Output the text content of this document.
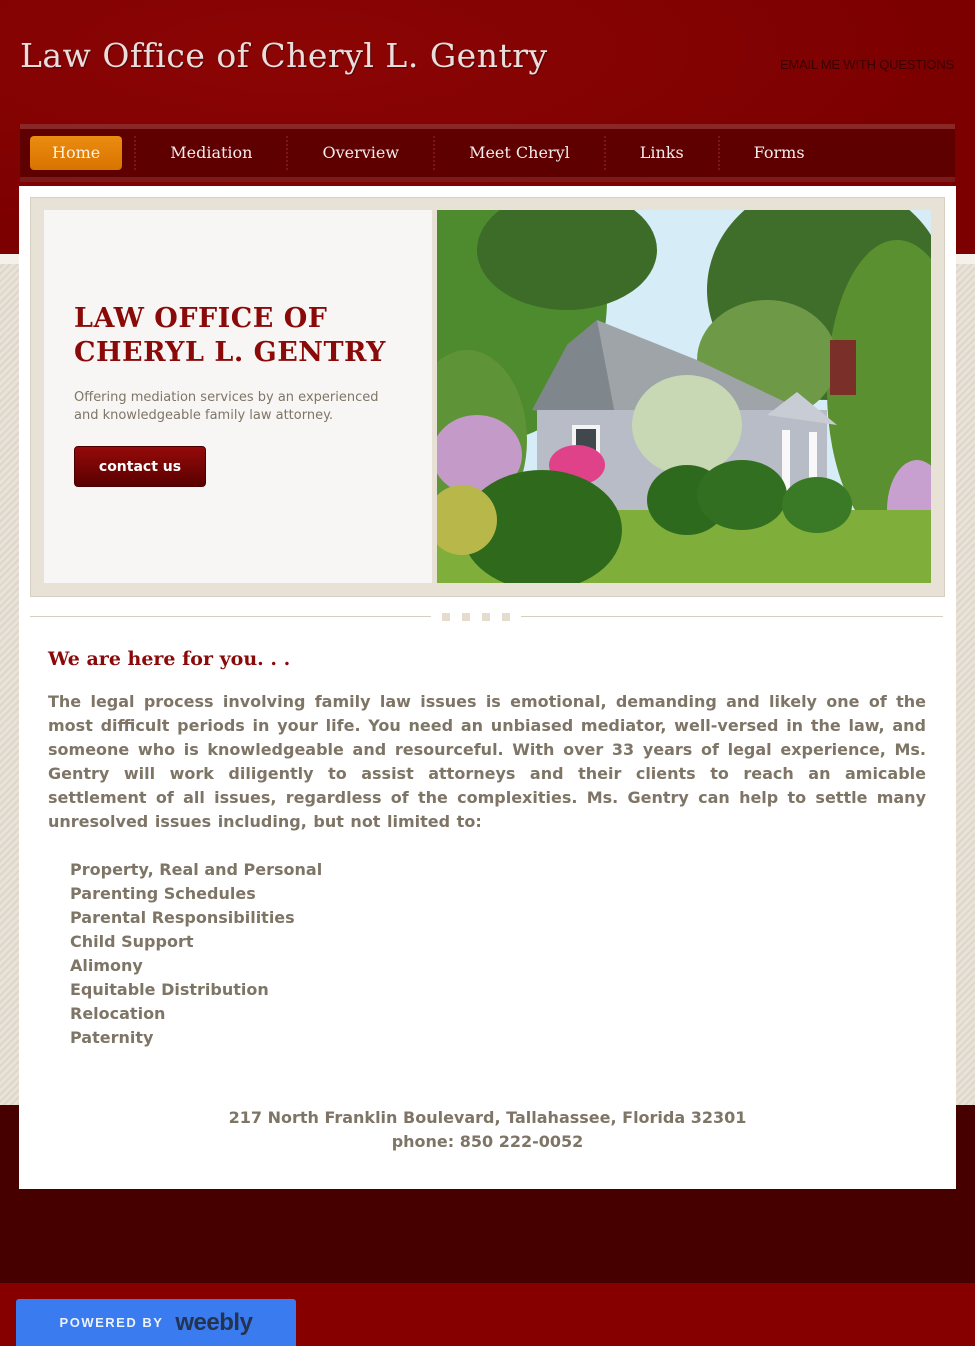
Law Office of Cheryl L. Gentry	EMAIL ME WITH QUESTIONS
Home	Mediation	Overview	Meet Cheryl	Links	Forms
LAW OFFICE OF
CHERYL L. GENTRY

Offering mediation services by an experienced and knowledgeable family law attorney.

contact us
We are here for you. . .

The legal process involving family law issues is emotional, demanding and likely one of the most difficult periods in your life. You need an unbiased mediator, well-versed in the law, and someone who is knowledgeable and resourceful. With over 33 years of legal experience, Ms. Gentry will work diligently to assist attorneys and their clients to reach an amicable settlement of all issues, regardless of the complexities. Ms. Gentry can help to settle many unresolved issues including, but not limited to:

Property, Real and Personal
Parenting Schedules
Parental Responsibilities
Child Support
Alimony
Equitable Distribution
Relocation
Paternity
217 North Franklin Boulevard, Tallahassee, Florida 32301
phone: 850 222-0052
POWERED BY weebly
